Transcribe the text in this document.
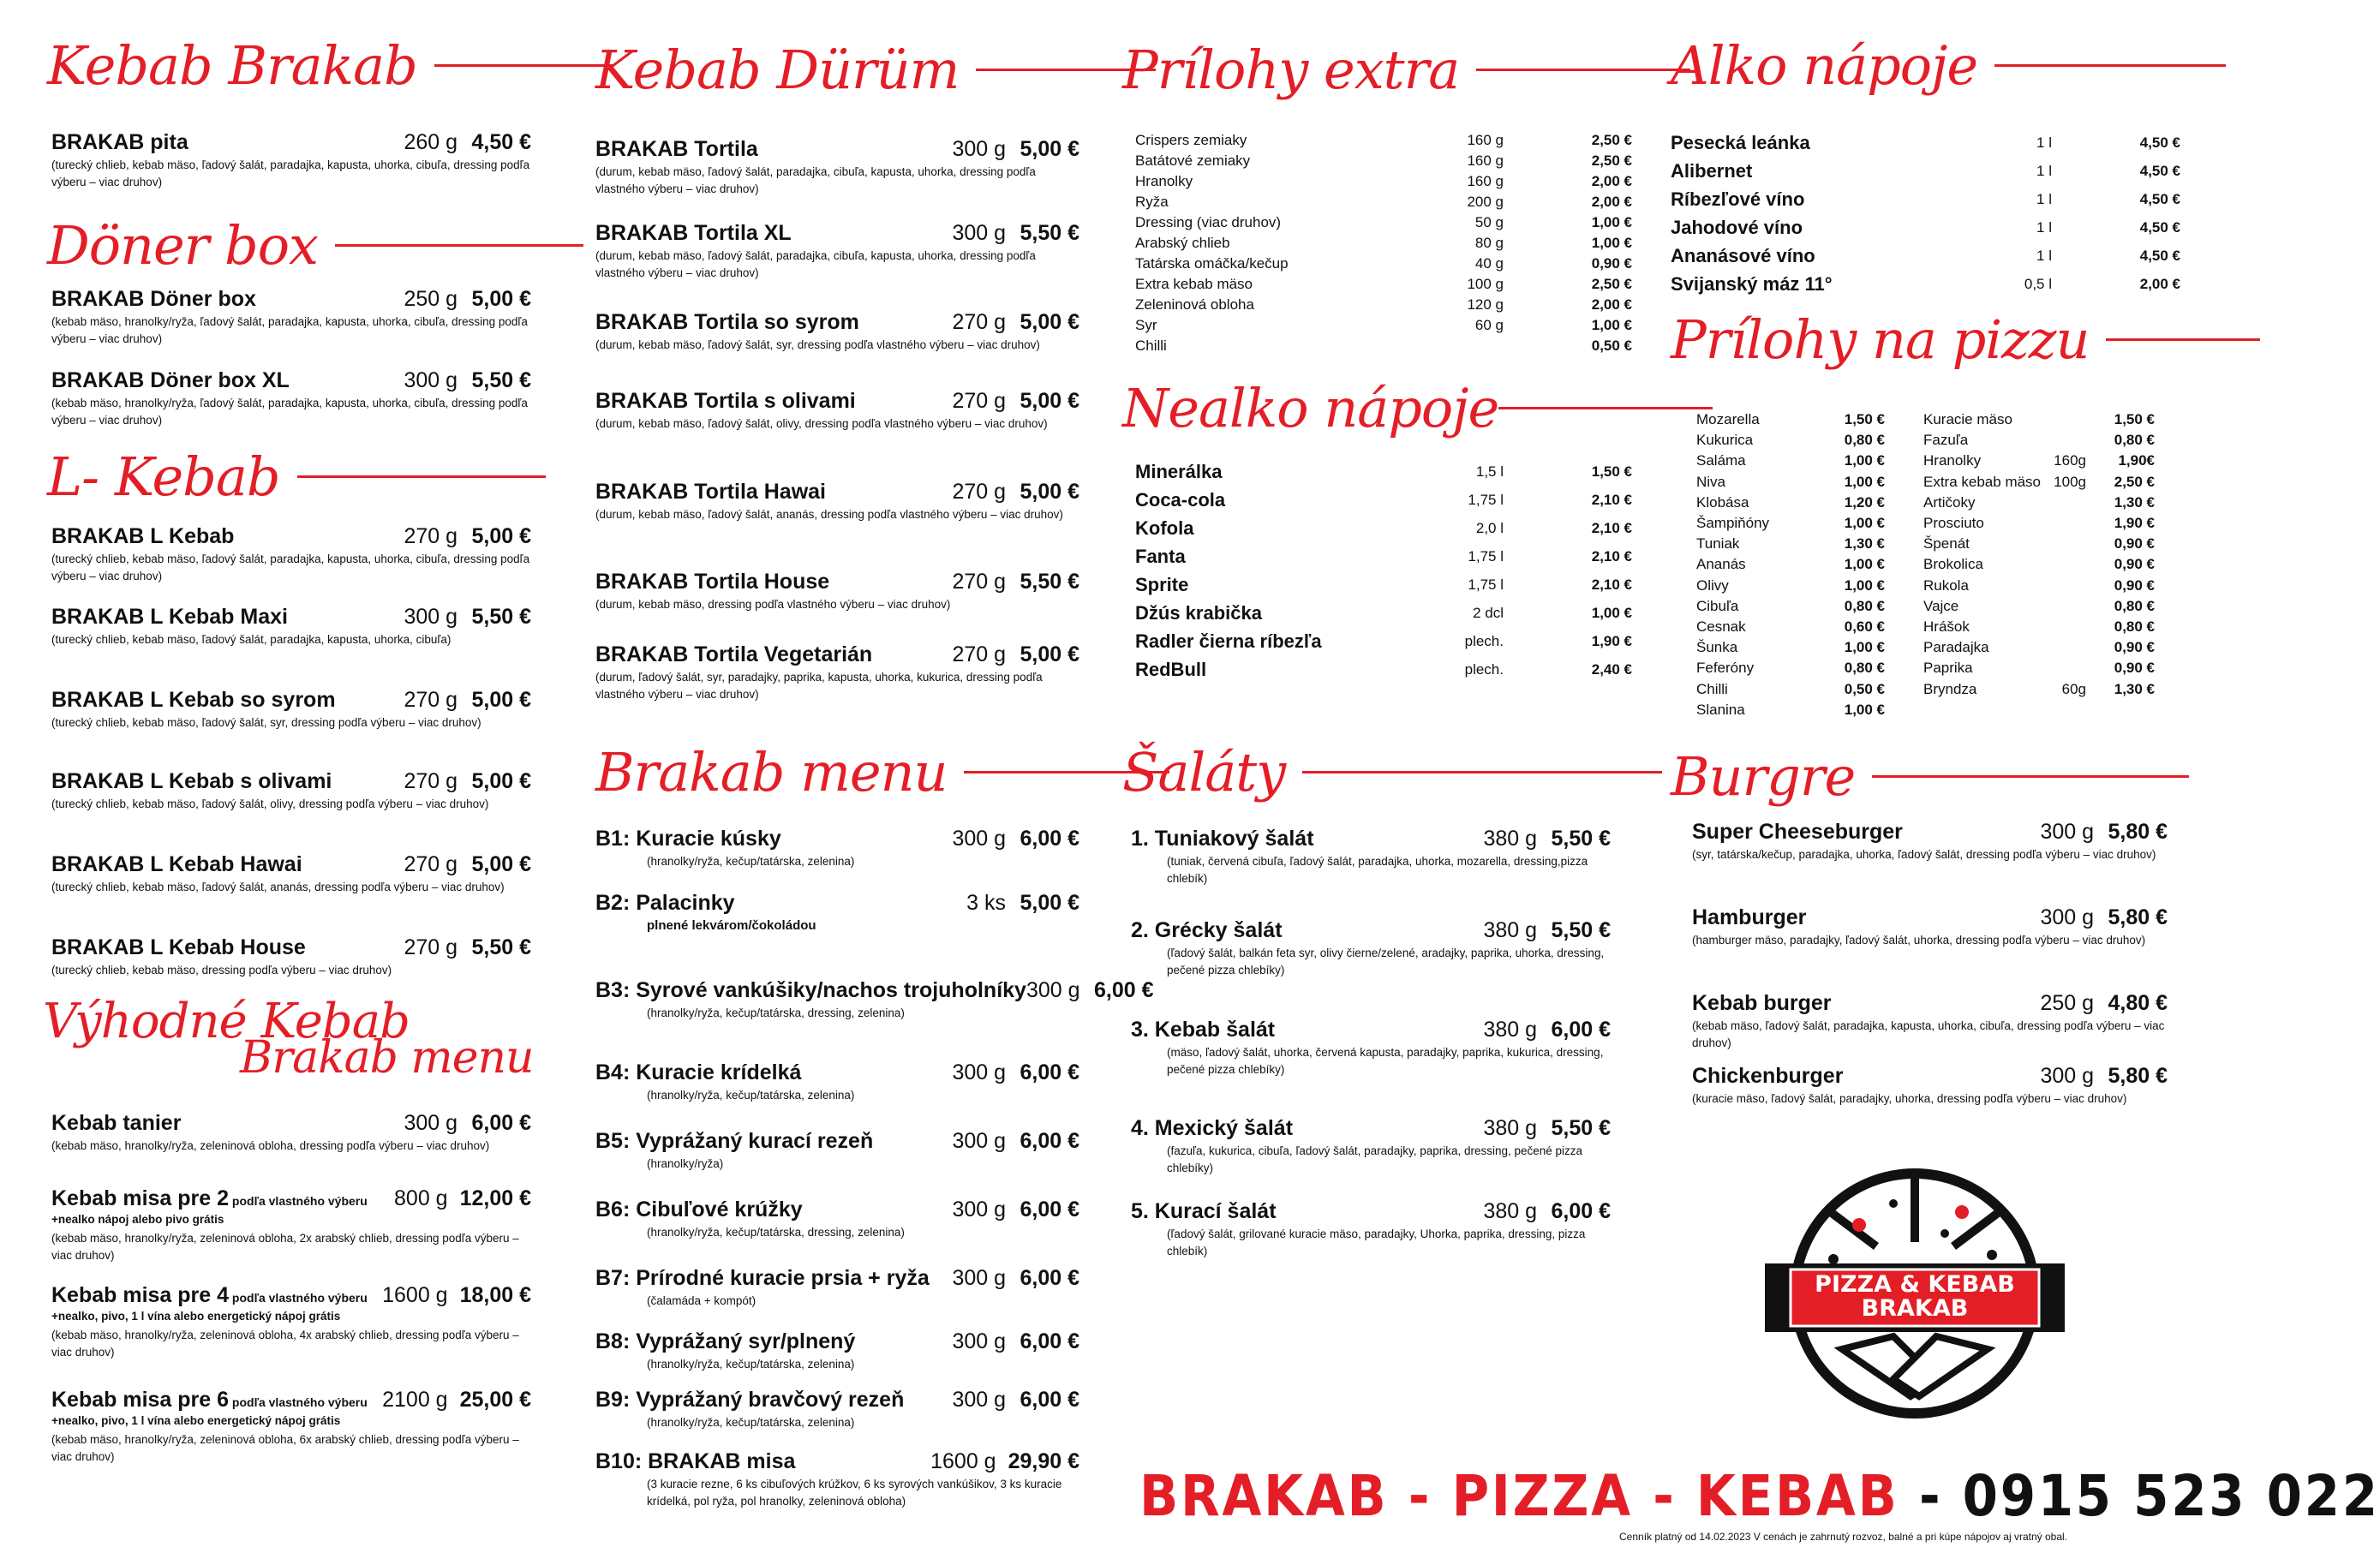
Kebab Brakab
BRAKAB pita	260 g 4,50 €
(turecký chlieb, kebab mäso, ľadový šalát, paradajka, kapusta, uhorka, cibuľa, dressing podľa výberu – viac druhov)
Döner box
BRAKAB Döner box	250 g 5,00 €
(kebab mäso, hranolky/ryža, ľadový šalát, paradajka, kapusta, uhorka, cibuľa, dressing podľa výberu – viac druhov)
BRAKAB Döner box XL	300 g 5,50 €
(kebab mäso, hranolky/ryža, ľadový šalát, paradajka, kapusta, uhorka, cibuľa, dressing podľa výberu – viac druhov)
L- Kebab
BRAKAB L Kebab	270 g 5,00 €
(turecký chlieb, kebab mäso, ľadový šalát, paradajka, kapusta, uhorka, cibuľa, dressing podľa výberu – viac druhov)
BRAKAB L Kebab Maxi	300 g 5,50 €
(turecký chlieb, kebab mäso, ľadový šalát, paradajka, kapusta, uhorka, cibuľa)
BRAKAB L Kebab so syrom	270 g 5,00 €
(turecký chlieb, kebab mäso, ľadový šalát, syr, dressing podľa výberu – viac druhov)
BRAKAB L Kebab s olivami	270 g 5,00 €
(turecký chlieb, kebab mäso, ľadový šalát, olivy, dressing podľa výberu – viac druhov)
BRAKAB L Kebab Hawai	270 g 5,00 €
(turecký chlieb, kebab mäso, ľadový šalát, ananás, dressing podľa výberu – viac druhov)
BRAKAB L Kebab House	270 g 5,50 €
(turecký chlieb, kebab mäso, dressing podľa výberu – viac druhov)
Výhodné Kebab
Brakab menu
Kebab tanier	300 g 6,00 €
(kebab mäso, hranolky/ryža, zeleninová obloha, dressing podľa výberu – viac druhov)
Kebab misa pre 2 podľa vlastného výberu	800 g 12,00 €
+nealko nápoj alebo pivo grátis
(kebab mäso, hranolky/ryža, zeleninová obloha, 2x arabský chlieb, dressing podľa výberu – viac druhov)
Kebab misa pre 4 podľa vlastného výberu 1600 g 18,00 €
+nealko, pivo, 1 l vína alebo energetický nápoj grátis
(kebab mäso, hranolky/ryža, zeleninová obloha, 4x arabský chlieb, dressing podľa výberu – viac druhov)
Kebab misa pre 6 podľa vlastného výberu 2100 g 25,00 €
+nealko, pivo, 1 l vína alebo energetický nápoj grátis
(kebab mäso, hranolky/ryža, zeleninová obloha, 6x arabský chlieb, dressing podľa výberu – viac druhov)
Kebab Dürüm
BRAKAB Tortila	300 g 5,00 €
(durum, kebab mäso, ľadový šalát, paradajka, cibuľa, kapusta, uhorka, dressing podľa vlastného výberu – viac druhov)
BRAKAB Tortila XL	300 g 5,50 €
(durum, kebab mäso, ľadový šalát, paradajka, cibuľa, kapusta, uhorka, dressing podľa vlastného výberu – viac druhov)
BRAKAB Tortila so syrom	270 g 5,00 €
(durum, kebab mäso, ľadový šalát, syr, dressing podľa vlastného výberu – viac druhov)
BRAKAB Tortila s olivami	270 g 5,00 €
(durum, kebab mäso, ľadový šalát, olivy, dressing podľa vlastného výberu – viac druhov)
BRAKAB Tortila Hawai	270 g 5,00 €
(durum, kebab mäso, ľadový šalát, ananás, dressing podľa vlastného výberu – viac druhov)
BRAKAB Tortila House	270 g 5,50 €
(durum, kebab mäso, dressing podľa vlastného výberu – viac druhov)
BRAKAB Tortila Vegetarián	270 g 5,00 €
(durum, ľadový šalát, syr, paradajky, paprika, kapusta, uhorka, kukurica, dressing podľa vlastného výberu – viac druhov)
Brakab menu
B1: Kuracie kúsky	300 g 6,00 €
(hranolky/ryža, kečup/tatárska, zelenina)
B2: Palacinky	3 ks 5,00 €
plnené lekvárom/čokoládou
B3: Syrové vankúšiky/nachos trojuholníky 300 g 6,00 €
(hranolky/ryža, kečup/tatárska, dressing, zelenina)
B4: Kuracie krídelká	300 g 6,00 €
(hranolky/ryža, kečup/tatárska, zelenina)
B5: Vyprážaný kurací rezeň	300 g 6,00 €
(hranolky/ryža)
B6: Cibuľové krúžky	300 g 6,00 €
(hranolky/ryža, kečup/tatárska, dressing, zelenina)
B7: Prírodné kuracie prsia + ryža	300 g 6,00 €
(čalamáda + kompót)
B8: Vyprážaný syr/plnený	300 g 6,00 €
(hranolky/ryža, kečup/tatárska, zelenina)
B9: Vyprážaný bravčový rezeň	300 g 6,00 €
(hranolky/ryža, kečup/tatárska, zelenina)
B10: BRAKAB misa	1600 g 29,90 €
(3 kuracie rezne, 6 ks cibuľových krúžkov, 6 ks syrových vankúšikov, 3 ks kuracie krídelká, pol ryža, pol hranolky, zeleninová obloha)
Prílohy extra
Crispers zemiaky	160 g	2,50 €
Batátové zemiaky	160 g	2,50 €
Hranolky	160 g	2,00 €
Ryža	200 g	2,00 €
Dressing (viac druhov)	50 g	1,00 €
Arabský chlieb	80 g	1,00 €
Tatárska omáčka/kečup	40 g	0,90 €
Extra kebab mäso	100 g	2,50 €
Zeleninová obloha	120 g	2,00 €
Syr	60 g	1,00 €
Chilli	0,50 €
Nealko nápoje
Minerálka	1,5 l	1,50 €
Coca-cola	1,75 l	2,10 €
Kofola	2,0 l	2,10 €
Fanta	1,75 l	2,10 €
Sprite	1,75 l	2,10 €
Džús krabička	2 dcl	1,00 €
Radler čierna ríbezľa	plech.	1,90 €
RedBull	plech.	2,40 €
Šaláty
1. Tuniakový šalát	380 g 5,50 €
(tuniak, červená cibuľa, ľadový šalát, paradajka, uhorka, mozarella, dressing,pizza chlebík)
2. Grécky šalát	380 g 5,50 €
(ľadový šalát, balkán feta syr, olivy čierne/zelené, aradajky, paprika, uhorka, dressing, pečené pizza chlebíky)
3. Kebab šalát	380 g 6,00 €
(mäso, ľadový šalát, uhorka, červená kapusta, paradajky, paprika, kukurica, dressing, pečené pizza chlebíky)
4. Mexický šalát	380 g 5,50 €
(fazuľa, kukurica, cibuľa, ľadový šalát, paradajky, paprika, dressing, pečené pizza chlebíky)
5. Kurací šalát	380 g 6,00 €
(ľadový šalát, grilované kuracie mäso, paradajky, Uhorka, paprika, dressing, pizza chlebík)
Alko nápoje
Pesecká leánka	1 l	4,50 €
Alibernet	1 l	4,50 €
Ríbezľové víno	1 l	4,50 €
Jahodové víno	1 l	4,50 €
Ananásové víno	1 l	4,50 €
Svijanský máz 11°	0,5 l	2,00 €
Prílohy na pizzu
Mozarella	1,50 €
Kukurica	0,80 €
Saláma	1,00 €
Niva	1,00 €
Klobása	1,20 €
Šampiňóny	1,00 €
Tuniak	1,30 €
Ananás	1,00 €
Olivy	1,00 €
Cibuľa	0,80 €
Cesnak	0,60 €
Šunka	1,00 €
Feferóny	0,80 €
Chilli	0,50 €
Slanina	1,00 €
Kuracie mäso	1,50 €
Fazuľa	0,80 €
Hranolky	160g	1,90€
Extra kebab mäso 100g	2,50 €
Artičoky	1,30 €
Prosciuto	1,90 €
Špenát	0,90 €
Brokolica	0,90 €
Rukola	0,90 €
Vajce	0,80 €
Hrášok	0,80 €
Paradajka	0,90 €
Paprika	0,90 €
Bryndza	60g	1,30 €
Burgre
Super Cheeseburger	300 g 5,80 €
(syr, tatárska/kečup, paradajka, uhorka, ľadový šalát, dressing podľa výberu – viac druhov)
Hamburger	300 g 5,80 €
(hamburger mäso, paradajky, ľadový šalát, uhorka, dressing podľa výberu – viac druhov)
Kebab burger	250 g 4,80 €
(kebab mäso, ľadový šalát, paradajka, kapusta, uhorka, cibuľa, dressing podľa výberu – viac druhov)
Chickenburger	300 g 5,80 €
(kuracie mäso, ľadový šalát, paradajky, uhorka, dressing podľa výberu – viac druhov)
PIZZA & KEBAB
BRAKAB
BRAKAB - PIZZA - KEBAB - 0915 523 022
Cenník platný od 14.02.2023 V cenách je zahrnutý rozvoz, balné a pri kúpe nápojov aj vratný obal.
